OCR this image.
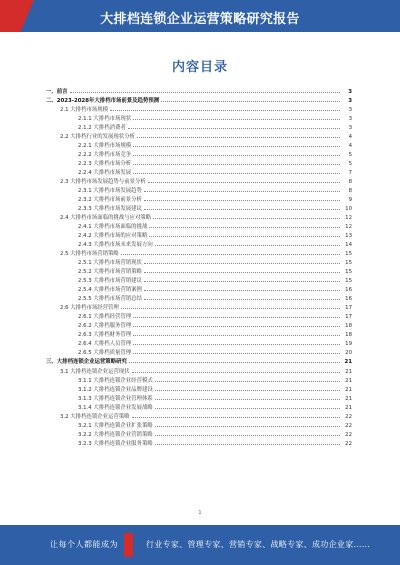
大排档连锁企业运营策略研究报告
内容目录
一、前言	3
二、2023-2028年大排档市场前景及趋势预测	3
2.1 大排档市场规模	3
2.1.1 大排档市场现状	3
2.1.2 大排档消费者	3
2.2 大排档行业的发展现状分析	4
2.2.1 大排档市场规模	4
2.2.2 大排档市场竞争	5
2.2.3 大排档市场分析	5
2.2.4 大排档市场发展	7
2.3 大排档市场发展趋势与前景分析	8
2.3.1 大排档市场发展趋势	8
2.3.2 大排档市场前景分析	9
2.3.3 大排档市场发展建议	10
2.4 大排档市场面临的挑战与应对策略	12
2.4.1 大排档市场面临的挑战	12
2.4.2 大排档市场的应对策略	13
2.4.3 大排档市场未来发展方向	14
2.5 大排档市场营销策略	15
2.5.1 大排档市场营销现状	15
2.5.2 大排档市场营销策略	15
2.5.3 大排档市场营销建议	15
2.5.4 大排档市场营销案例	16
2.5.5 大排档市场营销总结	16
2.6 大排档市场经营管理	17
2.6.1 大排档经营管理	17
2.6.2 大排档服务管理	18
2.6.3 大排档财务管理	18
2.6.4 大排档人员管理	19
2.6.5 大排档质量管理	20
三、大排档连锁企业运营策略研究	21
3.1 大排档连锁企业运营现状	21
3.1.1 大排档连锁企业经营模式	21
3.1.2 大排档连锁企业品牌建设	21
3.1.3 大排档连锁企业管理体系	21
3.1.4 大排档连锁企业发展战略	21
3.2 大排档连锁企业运营策略	22
3.2.1 大排档连锁企业扩张策略	22
3.2.2 大排档连锁企业营销策略	22
3.2.3 大排档连锁企业服务策略	22
1
让每个人都能成为	行业专家、管理专家、营销专家、战略专家、成功企业家……
